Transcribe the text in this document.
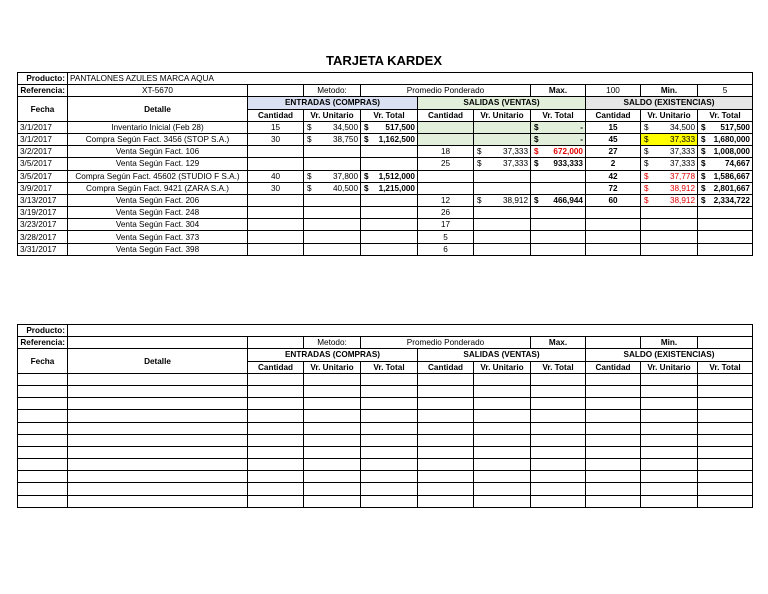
TARJETA KARDEX
Producto:	PANTALONES AZULES MARCA AQUA									
Referencia:	XT-5670		Metodo:	Promedio Ponderado			Max.	100	Min.	5
Fecha	Detalle	ENTRADAS (COMPRAS)			SALIDAS (VENTAS)			SALDO (EXISTENCIAS)		
		Cantidad	Vr. Unitario	Vr. Total	Cantidad	Vr. Unitario	Vr. Total	Cantidad	Vr. Unitario	Vr. Total
3/1/2017	Inventario Inicial (Feb 28)	15	$ 34,500	$ 517,500			$ -	15	$ 34,500	$ 517,500

3/1/2017	Compra Según Fact. 3456 (STOP S.A.)	30	$ 38,750	$ 1,162,500			$ -	45	$ 37,333	$ 1,680,000

3/2/2017	Venta Según Fact. 106				18	$ 37,333	$ 672,000	27	$ 37,333	$ 1,008,000

3/5/2017	Venta Según Fact. 129				25	$ 37,333	$ 933,333	2	$ 37,333	$ 74,667

3/5/2017	Compra Según Fact. 45602 (STUDIO F S.A.)	40	$ 37,800	$ 1,512,000				42	$ 37,778	$ 1,586,667

3/9/2017	Compra Según Fact. 9421 (ZARA S.A.)	30	$ 40,500	$ 1,215,000				72	$ 38,912	$ 2,801,667

3/13/2017	Venta Según Fact. 206				12	$ 38,912	$ 466,944	60	$ 38,912	$ 2,334,722

3/19/2017	Venta Según Fact. 248				26					
3/23/2017	Venta Según Fact. 304				17					
3/28/2017	Venta Según Fact. 373				5					
3/31/2017	Venta Según Fact. 398				6					
Producto:										
Referencia:			Metodo:	Promedio Ponderado			Max.		Min.	
Fecha	Detalle	ENTRADAS (COMPRAS)			SALIDAS (VENTAS)			SALDO (EXISTENCIAS)		
		Cantidad	Vr. Unitario	Vr. Total	Cantidad	Vr. Unitario	Vr. Total	Cantidad	Vr. Unitario	Vr. Total
